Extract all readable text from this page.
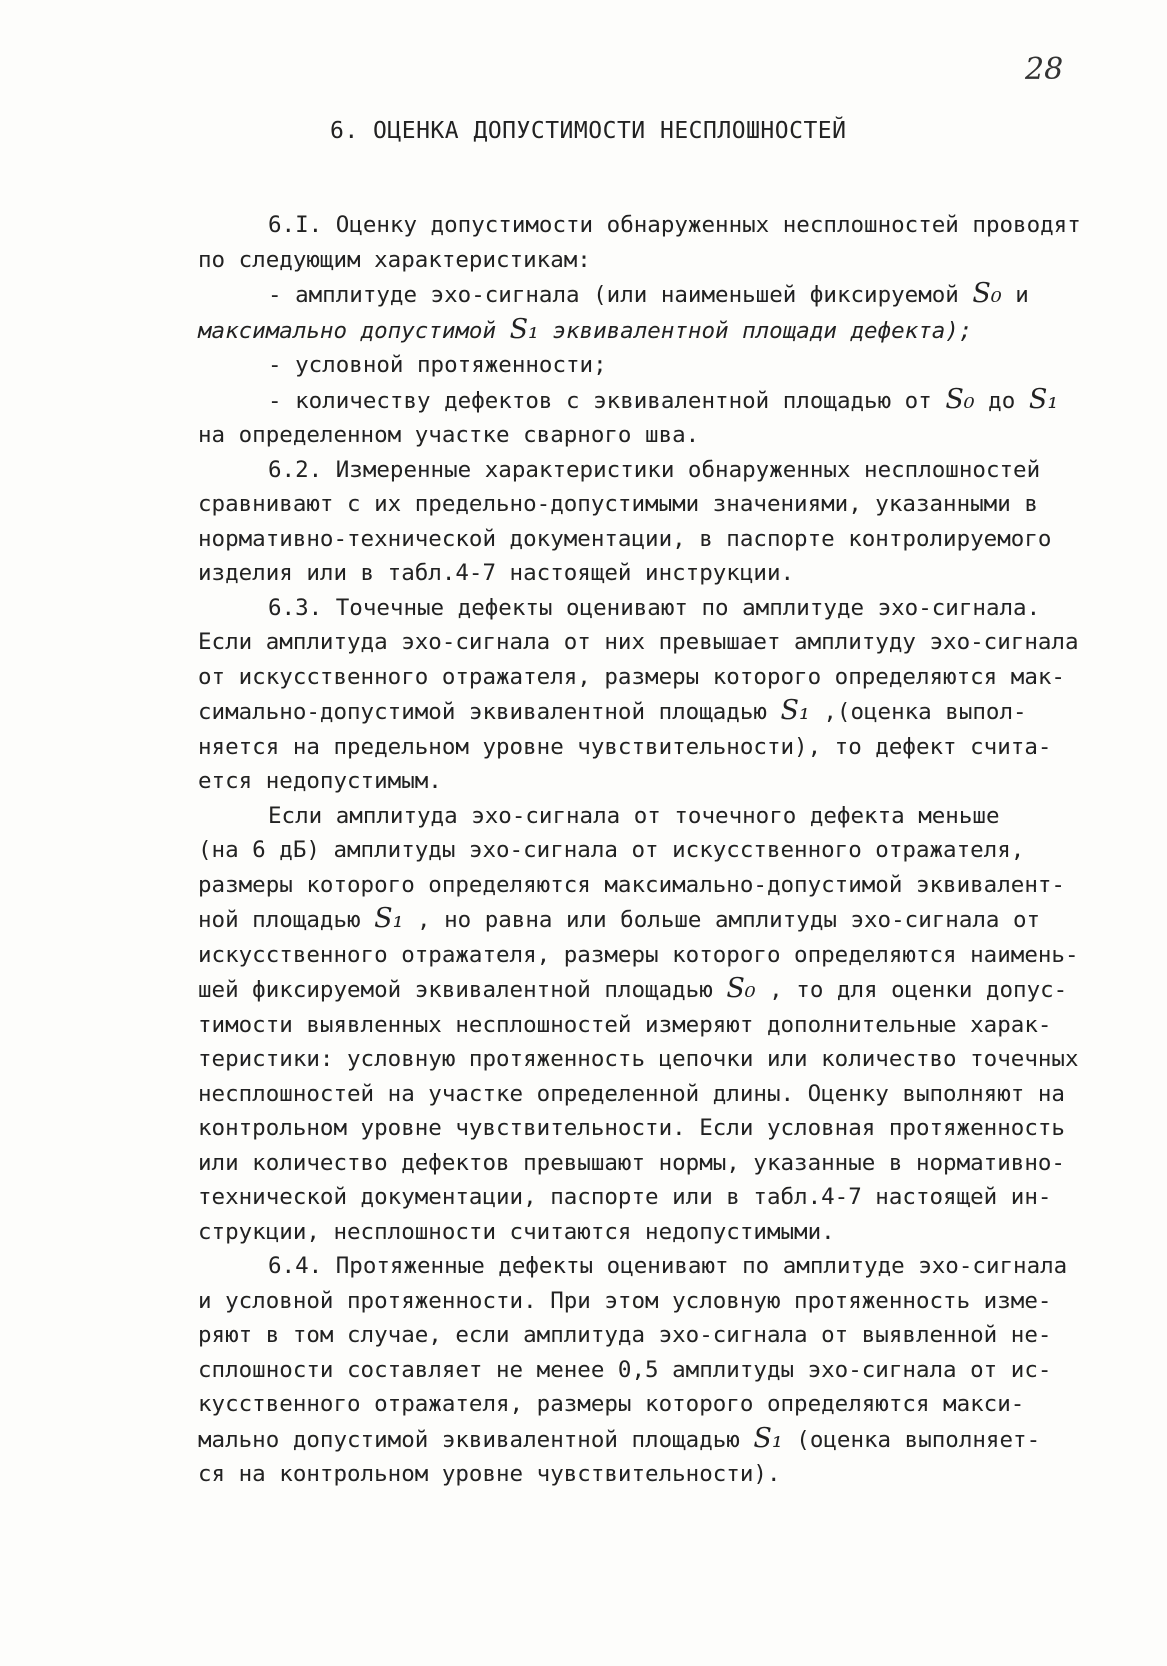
28
6. ОЦЕНКА ДОПУСТИМОСТИ НЕСПЛОШНОСТЕЙ
6.I. Оценку допустимости обнаруженных несплошностей проводят
по следующим характеристикам:
- амплитуде эхо-сигнала (или наименьшей фиксируемой S₀ и
максимально допустимой S₁ эквивалентной площади дефекта);
- условной протяженности;
- количеству дефектов с эквивалентной площадью от S₀ до S₁
на определенном участке сварного шва.
6.2. Измеренные характеристики обнаруженных несплошностей
сравнивают с их предельно-допустимыми значениями, указанными в
нормативно-технической документации, в паспорте контролируемого
изделия или в табл.4-7 настоящей инструкции.
6.3. Точечные дефекты оценивают по амплитуде эхо-сигнала.
Если амплитуда эхо-сигнала от них превышает амплитуду эхо-сигнала
от искусственного отражателя, размеры которого определяются мак-
симально-допустимой эквивалентной площадью S₁ ,(оценка выпол-
няется на предельном уровне чувствительности), то дефект счита-
ется недопустимым.
Если амплитуда эхо-сигнала от точечного дефекта меньше
(на 6 дБ) амплитуды эхо-сигнала от искусственного отражателя,
размеры которого определяются максимально-допустимой эквивалент-
ной площадью S₁ , но равна или больше амплитуды эхо-сигнала от
искусственного отражателя, размеры которого определяются наимень-
шей фиксируемой эквивалентной площадью S₀ , то для оценки допус-
тимости выявленных несплошностей измеряют дополнительные харак-
теристики: условную протяженность цепочки или количество точечных
несплошностей на участке определенной длины. Оценку выполняют на
контрольном уровне чувствительности. Если условная протяженность
или количество дефектов превышают нормы, указанные в нормативно-
технической документации, паспорте или в табл.4-7 настоящей ин-
струкции, несплошности считаются недопустимыми.
6.4. Протяженные дефекты оценивают по амплитуде эхо-сигнала
и условной протяженности. При этом условную протяженность изме-
ряют в том случае, если амплитуда эхо-сигнала от выявленной не-
сплошности составляет не менее 0,5 амплитуды эхо-сигнала от ис-
кусственного отражателя, размеры которого определяются макси-
мально допустимой эквивалентной площадью S₁ (оценка выполняет-
ся на контрольном уровне чувствительности).
